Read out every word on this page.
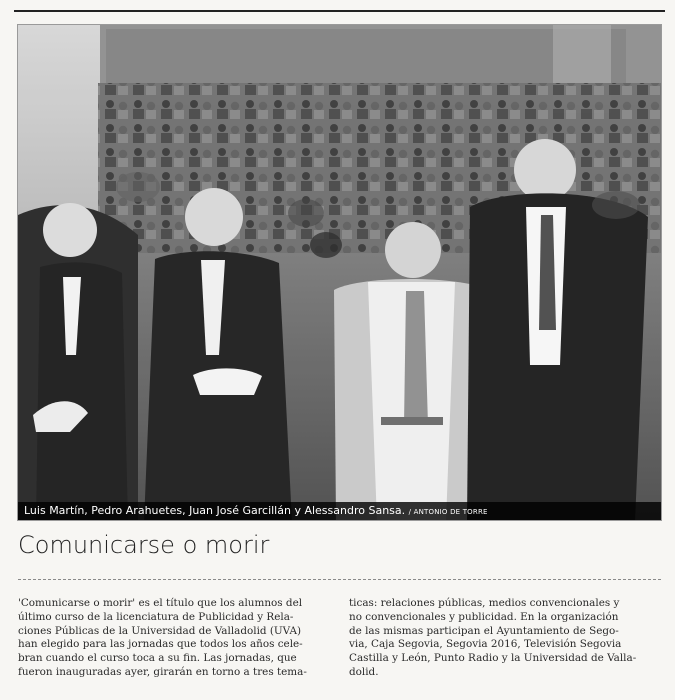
Luis Martín, Pedro Arahuetes, Juan José Garcillán y Alessandro Sansa. / ANTONIO DE TORRE
Comunicarse o morir
'Comunicarse o morir' es el título que los alumnos del
último curso de la licenciatura de Publicidad y Rela-
ciones Públicas de la Universidad de Valladolid (UVA)
han elegido para las jornadas que todos los años cele-
bran cuando el curso toca a su fin. Las jornadas, que
fueron inauguradas ayer, girarán en torno a tres tema-
ticas: relaciones públicas, medios convencionales y
no convencionales y publicidad. En la organización
de las mismas participan el Ayuntamiento de Sego-
via, Caja Segovia, Segovia 2016, Televisión Segovia
Castilla y León, Punto Radio y la Universidad de Valla-
dolid.
